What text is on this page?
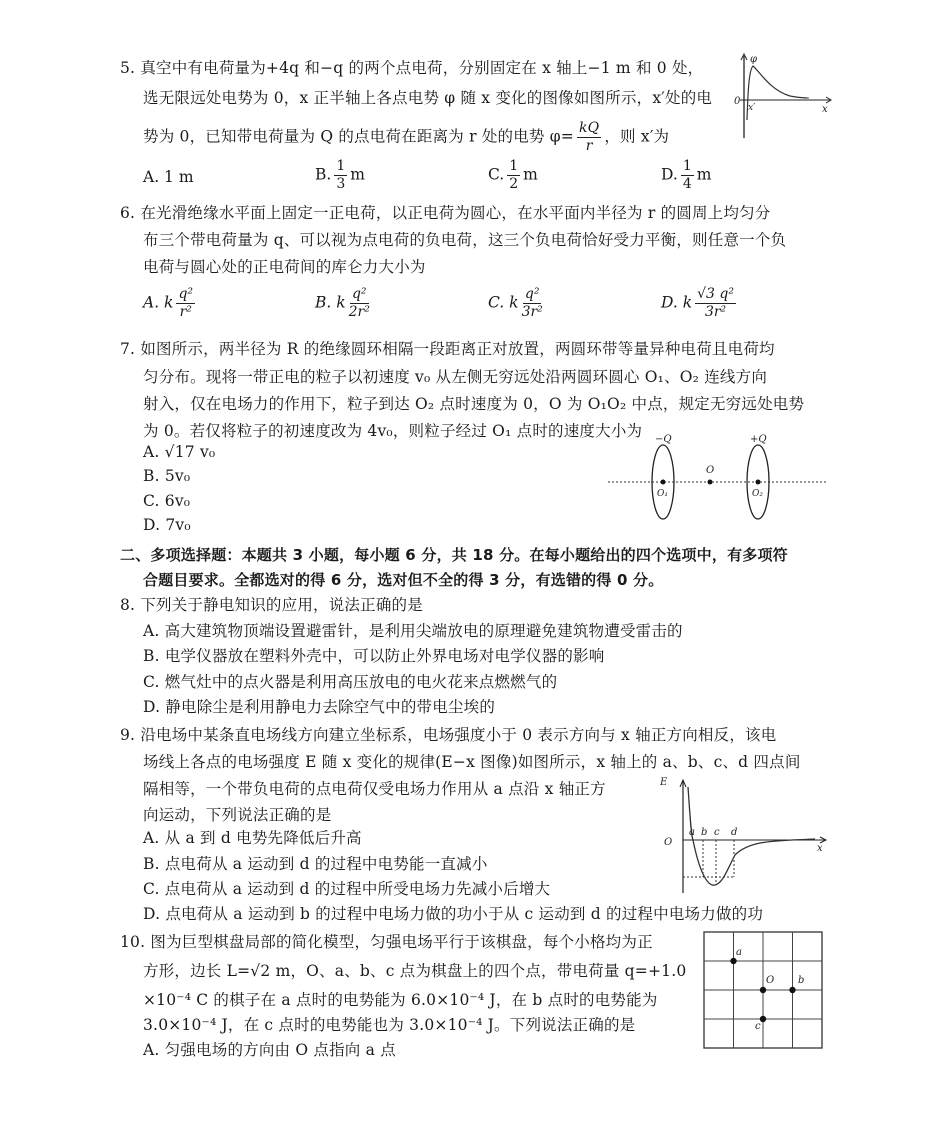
5. 真空中有电荷量为+4q 和−q 的两个点电荷，分别固定在 x 轴上−1 m 和 0 处，
选无限远处电势为 0，x 正半轴上各点电势 φ 随 x 变化的图像如图所示，x′处的电
势为 0，已知带电荷量为 Q 的点电荷在距离为 r 处的电势 $\varphi= \frac{kQ}{r}$ ，则 x′为
A. 1 m	B. $\frac{1}{3}$ m	C. $\frac{1}{2}$ m	D. $\frac{1}{4}$ m
φ
0
x′	x
6. 在光滑绝缘水平面上固定一正电荷，以正电荷为圆心，在水平面内半径为 r 的圆周上均匀分
布三个带电荷量为 q、可以视为点电荷的负电荷，这三个负电荷恰好受力平衡，则任意一个负
电荷与圆心处的正电荷间的库仑力大小为
A. k $\frac{\text{q²}}{\text{r²}}$	B. k $\frac{\text{q²}}{\text{2r²}}$	C. k $\frac{\text{q²}}{\text{3r²}}$	D. k $\frac{\text{√3 q²}}{\text{3r²}}$
7. 如图所示，两半径为 R 的绝缘圆环相隔一段距离正对放置，两圆环带等量异种电荷且电荷均
匀分布。现将一带正电的粒子以初速度 v₀ 从左侧无穷远处沿两圆环圆心 O₁、O₂ 连线方向
射入，仅在电场力的作用下，粒子到达 O₂ 点时速度为 0，O 为 O₁O₂ 中点，规定无穷远处电势
为 0。若仅将粒子的初速度改为 4v₀，则粒子经过 O₁ 点时的速度大小为
A. √17 v₀
B. 5v₀
C. 6v₀
D. 7v₀
−Q	+Q
O
O₁	O₂
二、多项选择题：本题共 3 小题，每小题 6 分，共 18 分。在每小题给出的四个选项中，有多项符
合题目要求。全都选对的得 6 分，选对但不全的得 3 分，有选错的得 0 分。
8. 下列关于静电知识的应用，说法正确的是
A. 高大建筑物顶端设置避雷针，是利用尖端放电的原理避免建筑物遭受雷击的
B. 电学仪器放在塑料外壳中，可以防止外界电场对电学仪器的影响
C. 燃气灶中的点火器是利用高压放电的电火花来点燃燃气的
D. 静电除尘是利用静电力去除空气中的带电尘埃的
9. 沿电场中某条直电场线方向建立坐标系，电场强度小于 0 表示方向与 x 轴正方向相反，该电
场线上各点的电场强度 E 随 x 变化的规律(E−x 图像)如图所示，x 轴上的 a、b、c、d 四点间
隔相等，一个带负电荷的点电荷仅受电场力作用从 a 点沿 x 轴正方
向运动，下列说法正确的是
A. 从 a 到 d 电势先降低后升高
B. 点电荷从 a 运动到 d 的过程中电势能一直减小
C. 点电荷从 a 运动到 d 的过程中所受电场力先减小后增大
D. 点电荷从 a 运动到 b 的过程中电场力做的功小于从 c 运动到 d 的过程中电场力做的功
E
O
x
a b c d
10. 图为巨型棋盘局部的简化模型，匀强电场平行于该棋盘，每个小格均为正
方形，边长 L=√2 m，O、a、b、c 点为棋盘上的四个点，带电荷量 q=+1.0
×10⁻⁴ C 的棋子在 a 点时的电势能为 6.0×10⁻⁴ J，在 b 点时的电势能为
3.0×10⁻⁴ J，在 c 点时的电势能也为 3.0×10⁻⁴ J。下列说法正确的是
A. 匀强电场的方向由 O 点指向 a 点
a
O b
c
